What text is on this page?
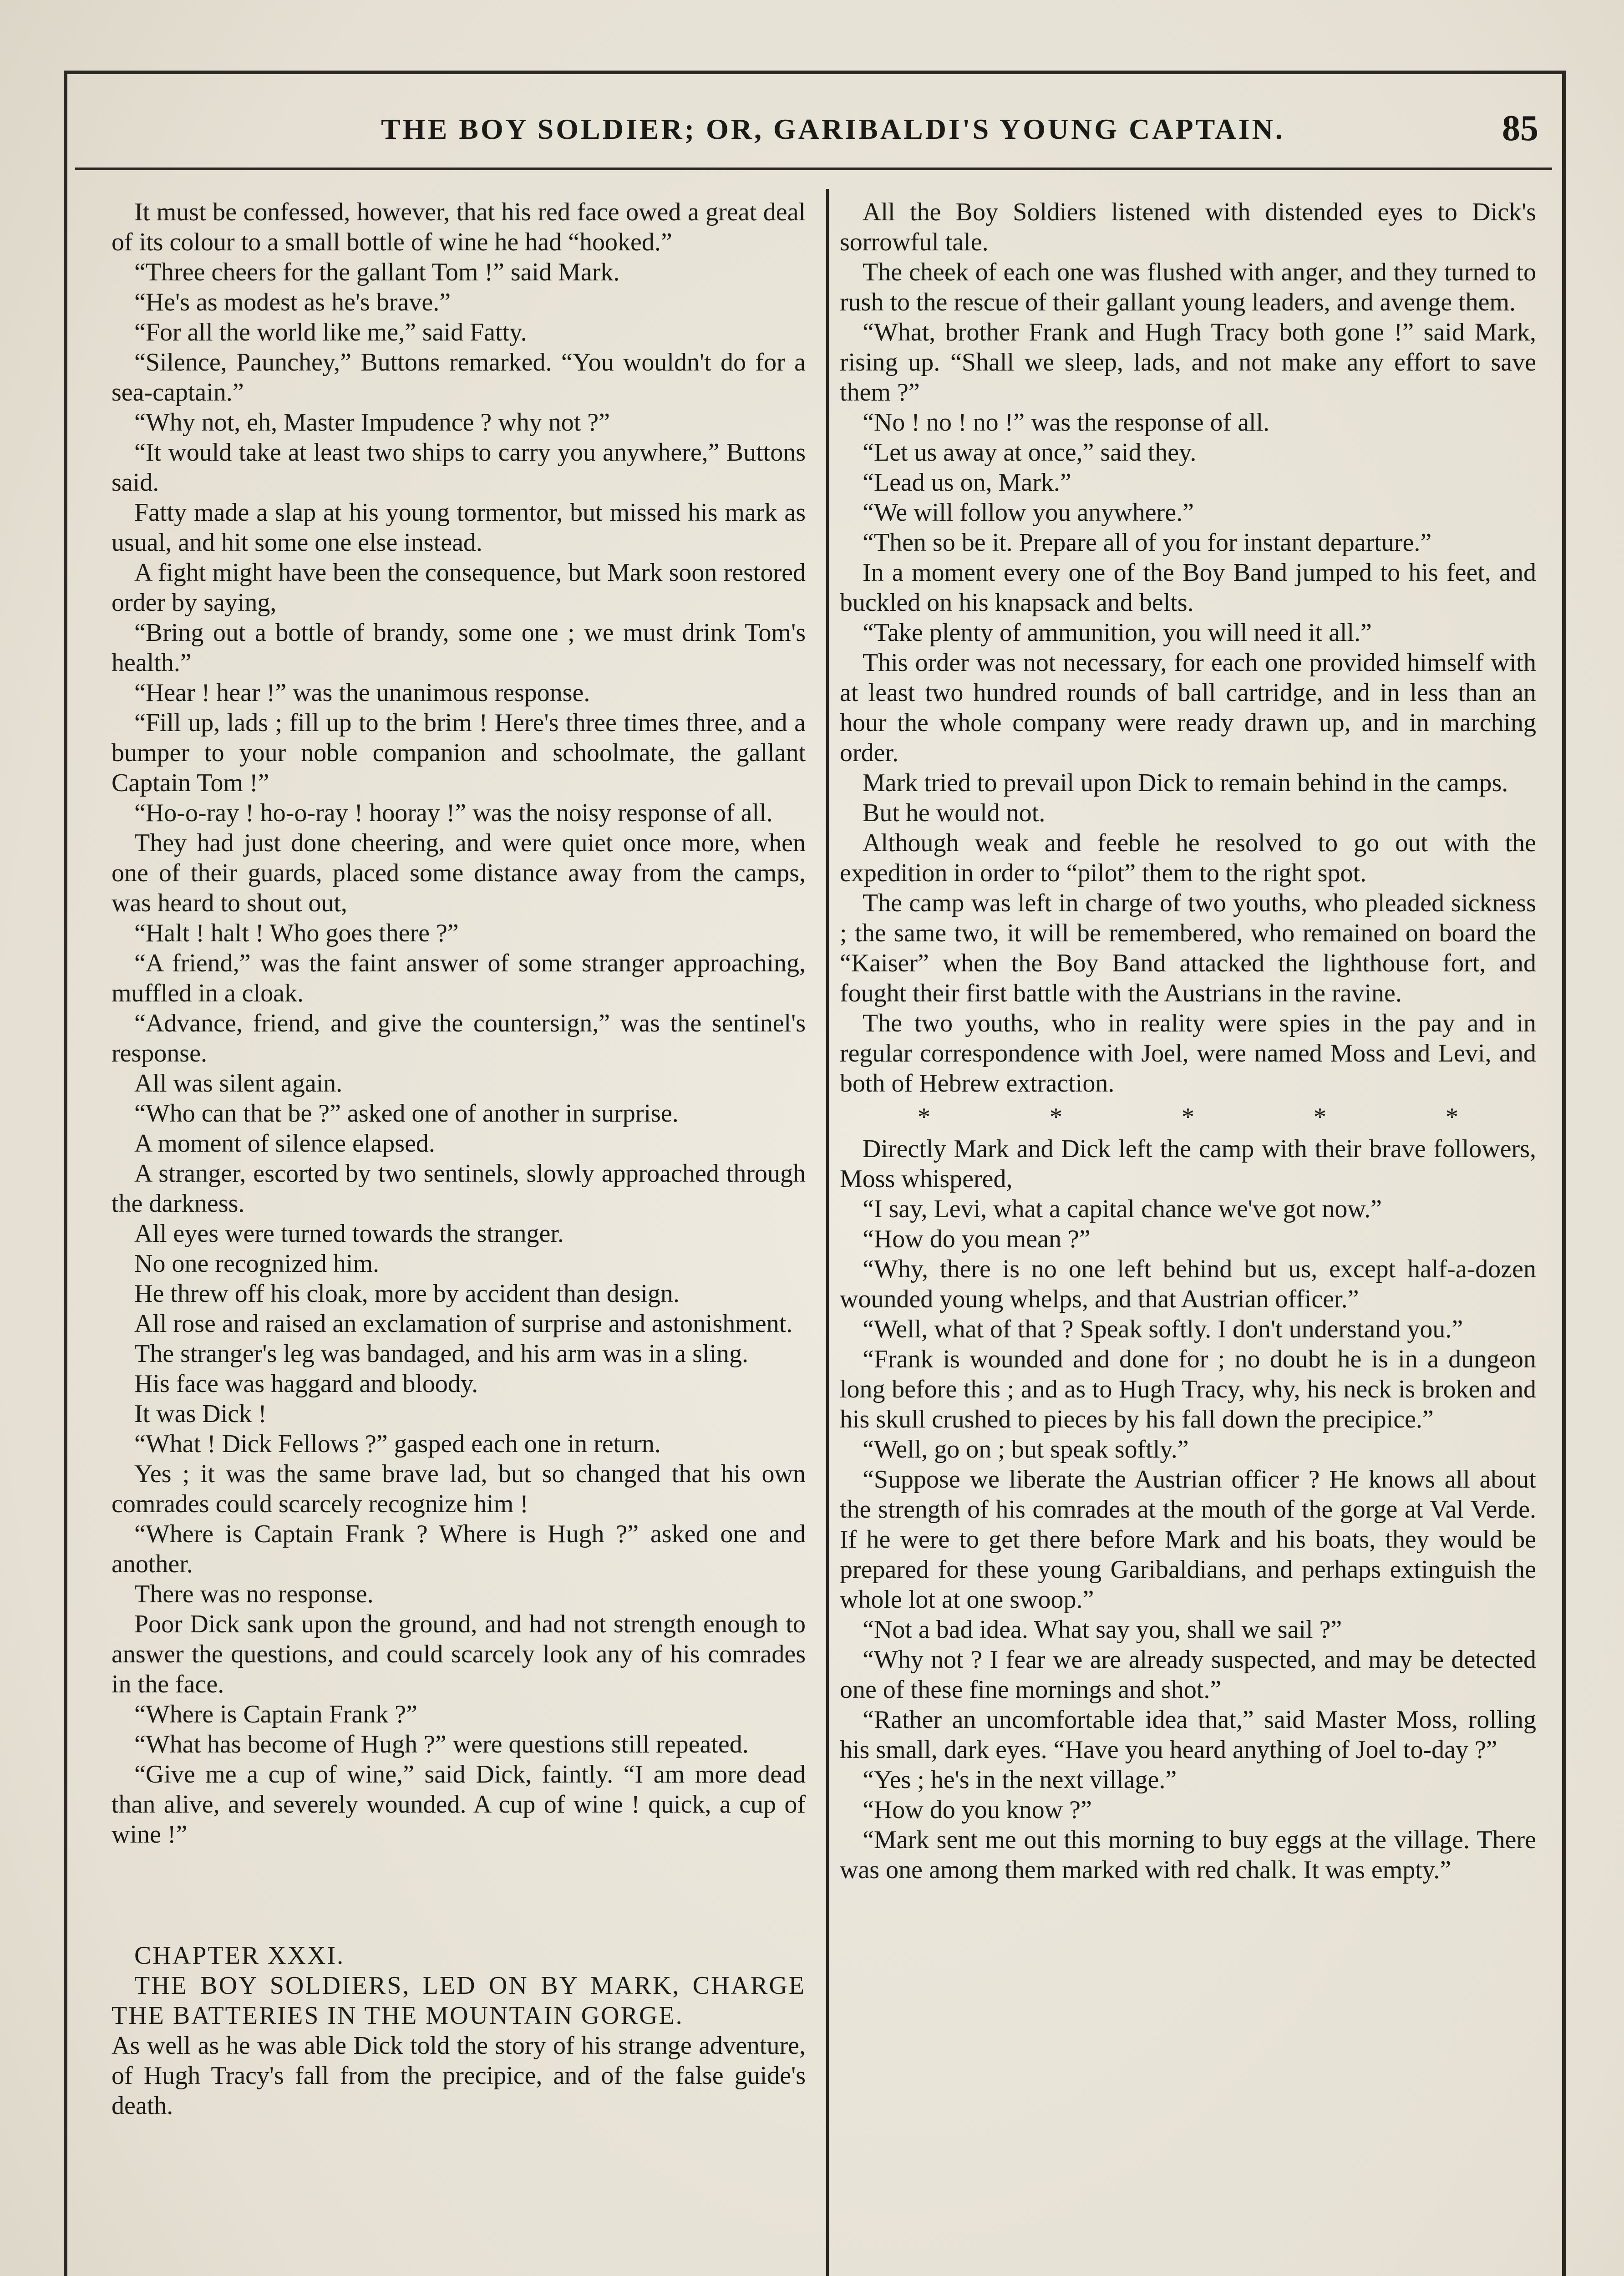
THE BOY SOLDIER; OR, GARIBALDI'S YOUNG CAPTAIN.	85

It must be confessed, however, that his red face owed a great deal of its colour to a small bottle of wine he had “hooked.”

“Three cheers for the gallant Tom !” said Mark.

“He's as modest as he's brave.”

“For all the world like me,” said Fatty.

“Silence, Paunchey,” Buttons remarked. “You wouldn't do for a sea-captain.”

“Why not, eh, Master Impudence ? why not ?”

“It would take at least two ships to carry you anywhere,” Buttons said.

Fatty made a slap at his young tormentor, but missed his mark as usual, and hit some one else instead.

A fight might have been the consequence, but Mark soon restored order by saying,

“Bring out a bottle of brandy, some one ; we must drink Tom's health.”

“Hear ! hear !” was the unanimous response.

“Fill up, lads ; fill up to the brim ! Here's three times three, and a bumper to your noble companion and schoolmate, the gallant Captain Tom !”

“Ho-o-ray ! ho-o-ray ! hooray !” was the noisy response of all.

They had just done cheering, and were quiet once more, when one of their guards, placed some distance away from the camps, was heard to shout out,

“Halt ! halt ! Who goes there ?”

“A friend,” was the faint answer of some stranger approaching, muffled in a cloak.

“Advance, friend, and give the countersign,” was the sentinel's response.

All was silent again.

“Who can that be ?” asked one of another in surprise.

A moment of silence elapsed.

A stranger, escorted by two sentinels, slowly approached through the darkness.

All eyes were turned towards the stranger.

No one recognized him.

He threw off his cloak, more by accident than design.

All rose and raised an exclamation of surprise and astonishment.

The stranger's leg was bandaged, and his arm was in a sling.

His face was haggard and bloody.

It was Dick !

“What ! Dick Fellows ?” gasped each one in return.

Yes ; it was the same brave lad, but so changed that his own comrades could scarcely recognize him !

“Where is Captain Frank ? Where is Hugh ?” asked one and another.

There was no response.

Poor Dick sank upon the ground, and had not strength enough to answer the questions, and could scarcely look any of his comrades in the face.

“Where is Captain Frank ?”

“What has become of Hugh ?” were questions still repeated.

“Give me a cup of wine,” said Dick, faintly. “I am more dead than alive, and severely wounded. A cup of wine ! quick, a cup of wine !”

CHAPTER XXXI.

THE BOY SOLDIERS, LED ON BY MARK, CHARGE THE BATTERIES IN THE MOUNTAIN GORGE.

As well as he was able Dick told the story of his strange adventure, of Hugh Tracy's fall from the precipice, and of the false guide's death.

All the Boy Soldiers listened with distended eyes to Dick's sorrowful tale.

The cheek of each one was flushed with anger, and they turned to rush to the rescue of their gallant young leaders, and avenge them.

“What, brother Frank and Hugh Tracy both gone !” said Mark, rising up. “Shall we sleep, lads, and not make any effort to save them ?”

“No ! no ! no !” was the response of all.

“Let us away at once,” said they.

“Lead us on, Mark.”

“We will follow you anywhere.”

“Then so be it. Prepare all of you for instant departure.”

In a moment every one of the Boy Band jumped to his feet, and buckled on his knapsack and belts.

“Take plenty of ammunition, you will need it all.”

This order was not necessary, for each one provided himself with at least two hundred rounds of ball cartridge, and in less than an hour the whole company were ready drawn up, and in marching order.

Mark tried to prevail upon Dick to remain behind in the camps.

But he would not.

Although weak and feeble he resolved to go out with the expedition in order to “pilot” them to the right spot.

The camp was left in charge of two youths, who pleaded sickness ; the same two, it will be remembered, who remained on board the “Kaiser” when the Boy Band attacked the lighthouse fort, and fought their first battle with the Austrians in the ravine.

The two youths, who in reality were spies in the pay and in regular correspondence with Joel, were named Moss and Levi, and both of Hebrew extraction.

*	*	*	*	*

Directly Mark and Dick left the camp with their brave followers, Moss whispered,

“I say, Levi, what a capital chance we've got now.”

“How do you mean ?”

“Why, there is no one left behind but us, except half-a-dozen wounded young whelps, and that Austrian officer.”

“Well, what of that ? Speak softly. I don't understand you.”

“Frank is wounded and done for ; no doubt he is in a dungeon long before this ; and as to Hugh Tracy, why, his neck is broken and his skull crushed to pieces by his fall down the precipice.”

“Well, go on ; but speak softly.”

“Suppose we liberate the Austrian officer ? He knows all about the strength of his comrades at the mouth of the gorge at Val Verde. If he were to get there before Mark and his boats, they would be prepared for these young Garibaldians, and perhaps extinguish the whole lot at one swoop.”

“Not a bad idea. What say you, shall we sail ?”

“Why not ? I fear we are already suspected, and may be detected one of these fine mornings and shot.”

“Rather an uncomfortable idea that,” said Master Moss, rolling his small, dark eyes. “Have you heard anything of Joel to-day ?”

“Yes ; he's in the next village.”

“How do you know ?”

“Mark sent me out this morning to buy eggs at the village. There was one among them marked with red chalk. It was empty.”
